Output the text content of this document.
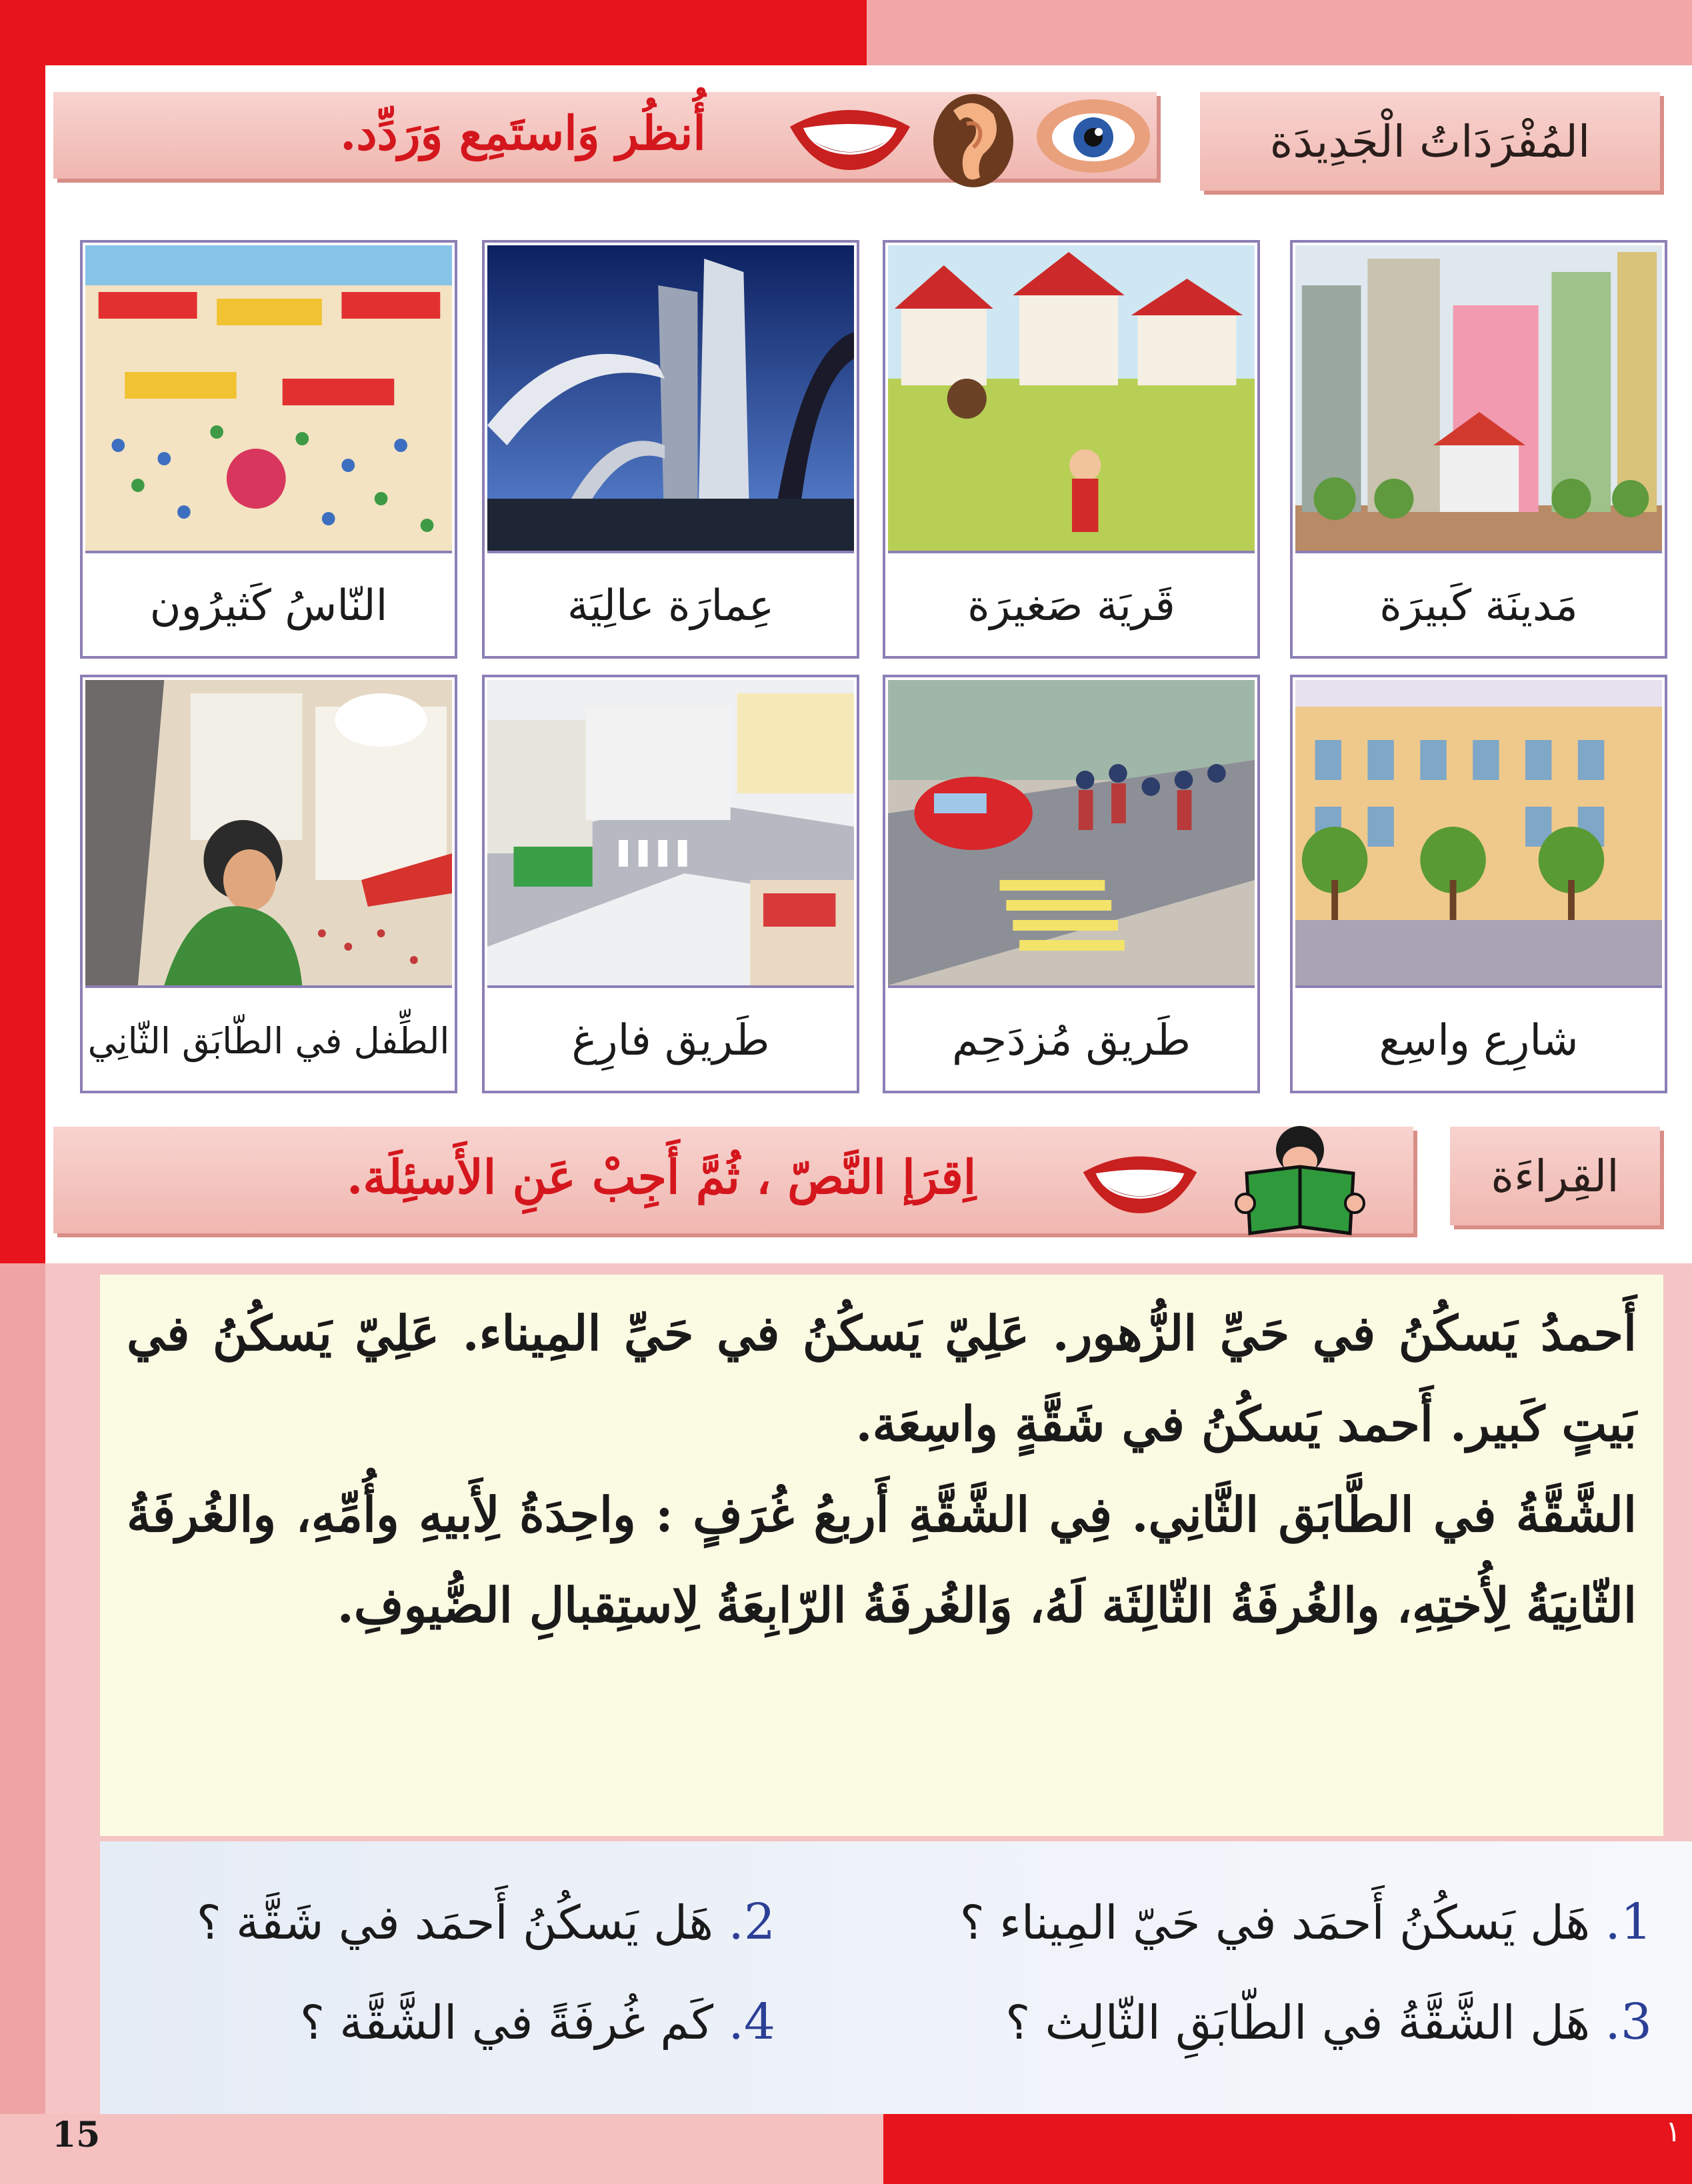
المُفْرَدَاتُ الْجَدِيدَة
أُنظُر وَاستَمِع وَرَدِّد.
مَدينَة كَبيرَة
قَريَة صَغيرَة
عِمارَة عالِيَة
النّاسُ كَثيرُون
شارِع واسِع
طَريق مُزدَحِم
طَريق فارِغ
الطِّفل في الطّابَق الثّانِي
القِراءَة
اِقرَإ النَّصّ ، ثُمَّ أَجِبْ عَنِ الأَسئِلَة.

أَحمدُ يَسكُنُ في حَيِّ الزُّهور. عَلِيّ يَسكُنُ في حَيِّ المِيناء. عَلِيّ يَسكُنُ في بَيتٍ كَبير. أَحمد يَسكُنُ في شَقَّةٍ واسِعَة.

الشَّقَّةُ في الطَّابَق الثَّانِي. فِي الشَّقَّةِ أَربعُ غُرَفٍ : واحِدَةُ لِأَبيهِ وأُمِّهِ، والغُرفَةُ الثّانِيَةُ لِأُختِهِ، والغُرفَةُ الثّالِثَة لَهُ، وَالغُرفَةُ الرّابِعَةُ لِاستِقبالِ الضُّيوفِ.

1. هَل يَسكُنُ أَحمَد في حَيّ المِيناء ؟
2. هَل يَسكُنُ أَحمَد في شَقَّة ؟
3. هَل الشَّقَّةُ في الطّابَقِ الثّالِث ؟
4. كَم غُرفَةً في الشَّقَّة ؟
15	١
